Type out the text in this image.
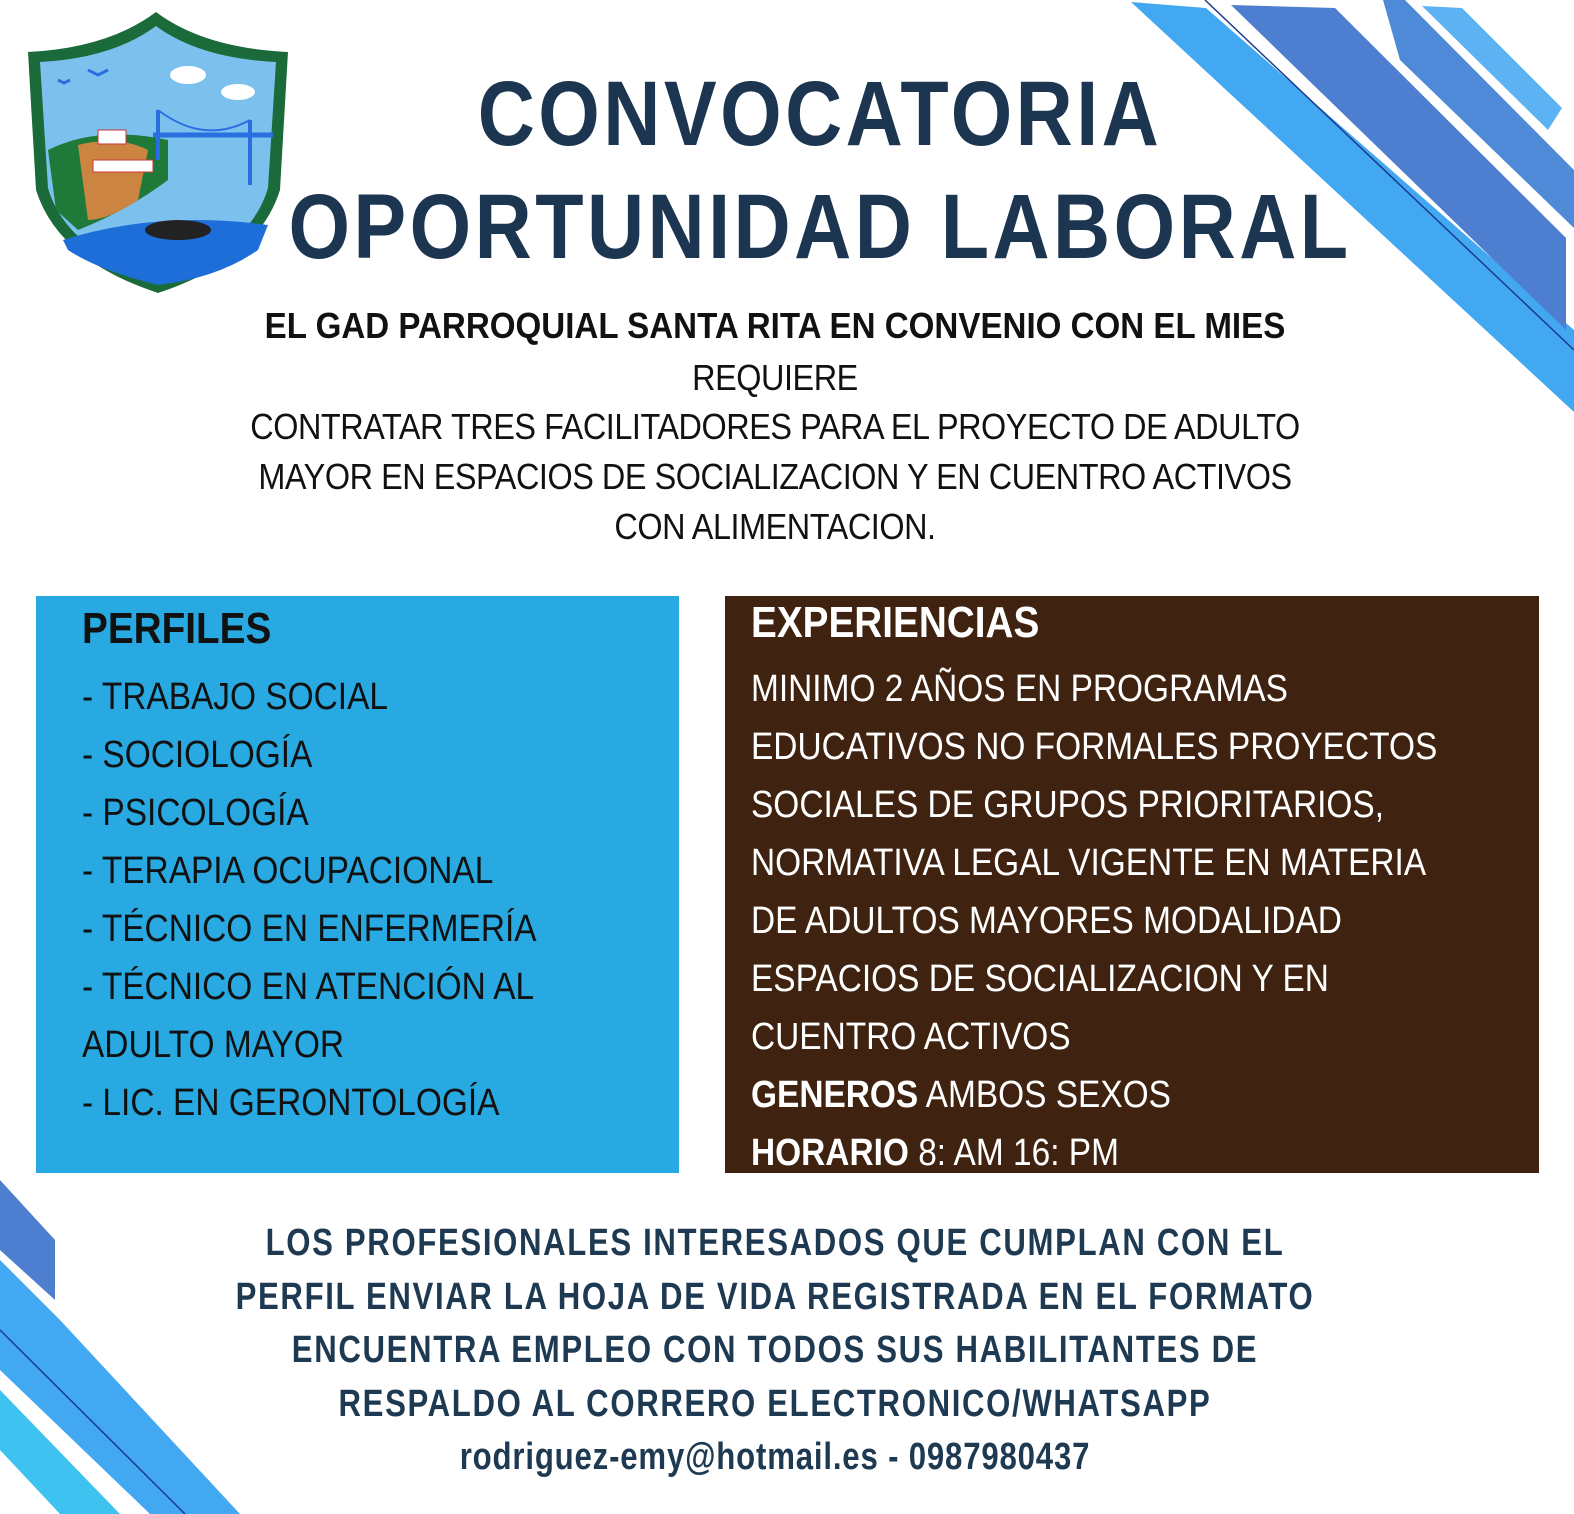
CONVOCATORIA
OPORTUNIDAD LABORAL
EL GAD PARROQUIAL SANTA RITA EN CONVENIO CON EL MIES
REQUIERE
CONTRATAR TRES FACILITADORES PARA EL PROYECTO DE ADULTO
MAYOR EN ESPACIOS DE SOCIALIZACION Y EN CUENTRO ACTIVOS
CON ALIMENTACION.
PERFILES
- TRABAJO SOCIAL
- SOCIOLOGÍA
- PSICOLOGÍA
- TERAPIA OCUPACIONAL
- TÉCNICO EN ENFERMERÍA
- TÉCNICO EN ATENCIÓN AL
ADULTO MAYOR
- LIC. EN GERONTOLOGÍA
EXPERIENCIAS
MINIMO 2 AÑOS EN PROGRAMAS
EDUCATIVOS NO FORMALES PROYECTOS
SOCIALES DE GRUPOS PRIORITARIOS,
NORMATIVA LEGAL VIGENTE EN MATERIA
DE ADULTOS MAYORES MODALIDAD
ESPACIOS DE SOCIALIZACION Y EN
CUENTRO ACTIVOS
GENEROS AMBOS SEXOS
HORARIO 8: AM 16: PM
LOS PROFESIONALES INTERESADOS QUE CUMPLAN CON EL
PERFIL ENVIAR LA HOJA DE VIDA REGISTRADA EN EL FORMATO
ENCUENTRA EMPLEO CON TODOS SUS HABILITANTES DE
RESPALDO AL CORRERO ELECTRONICO/WHATSAPP
rodriguez-emy@hotmail.es - 0987980437
